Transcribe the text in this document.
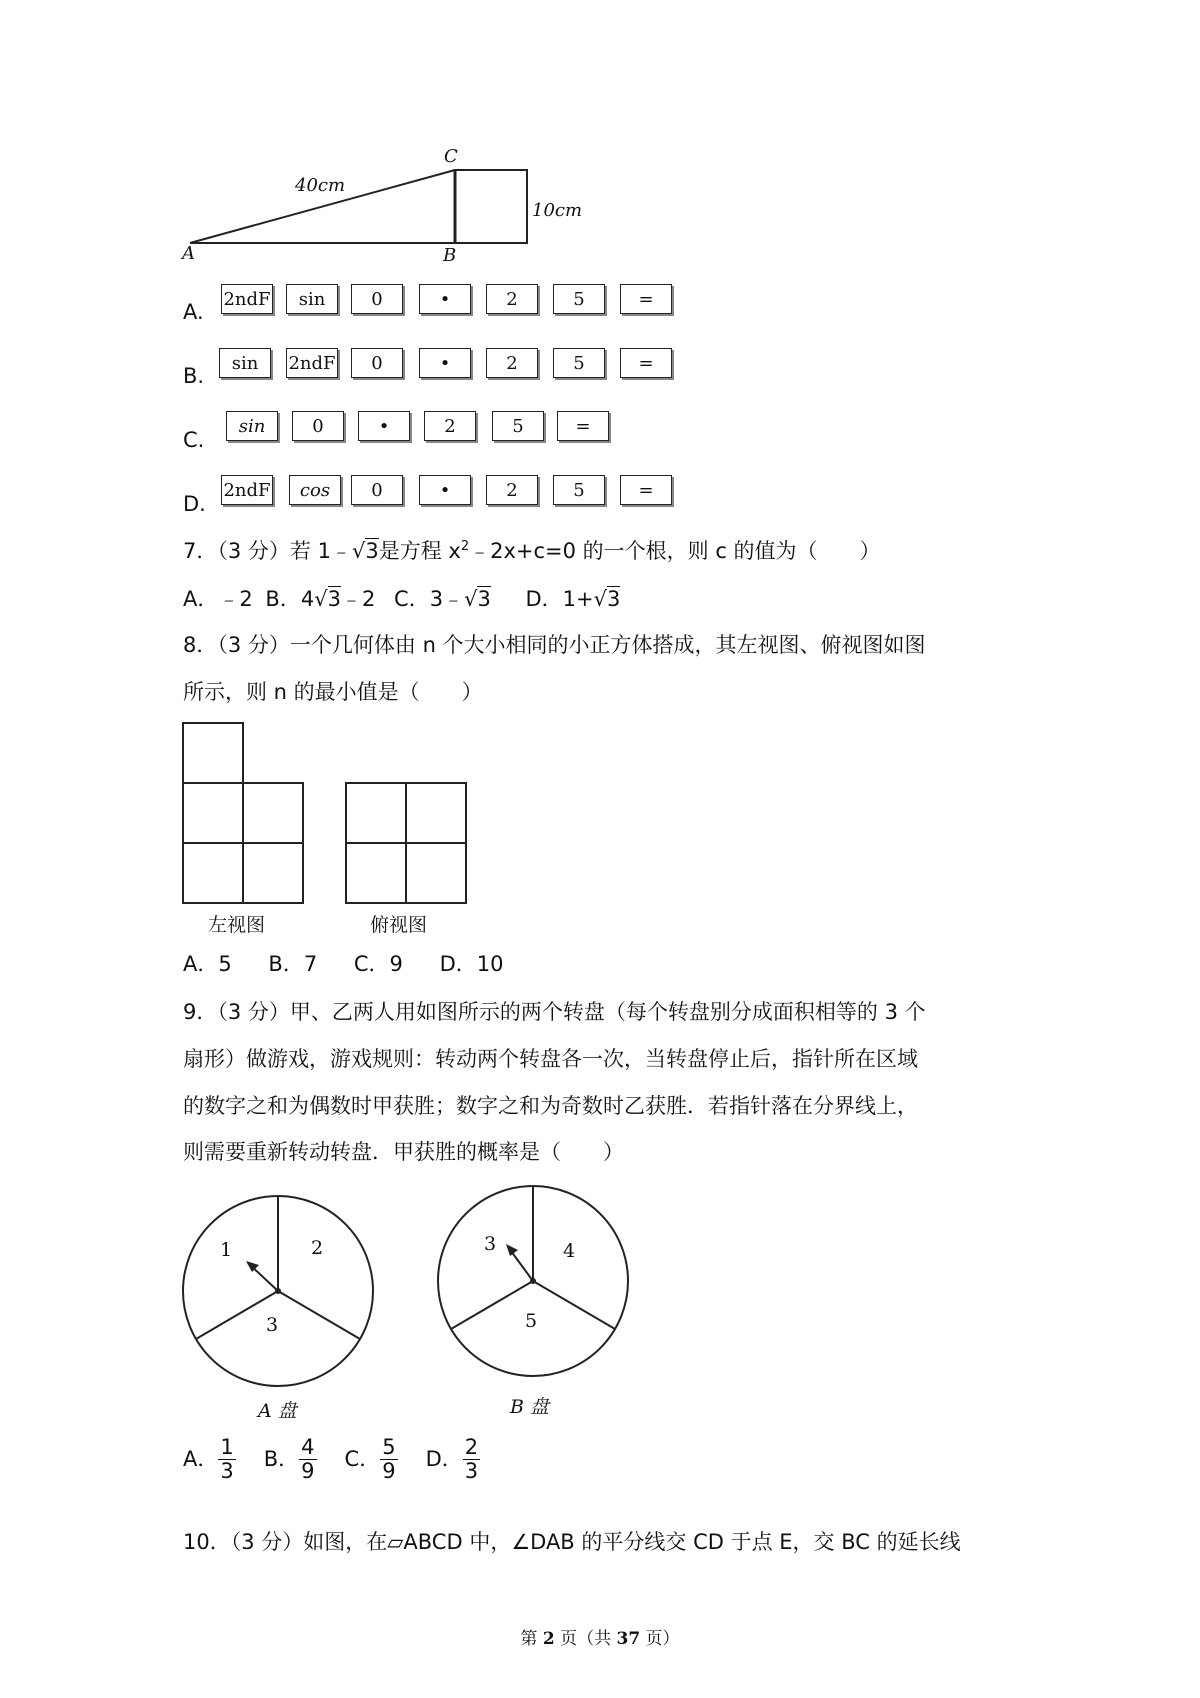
40cm
10cm
A	B
C
A.
2ndF	sin	0	•	2	5	=
B.
sin	2ndF	0	•	2	5	=
C.
sin	0	•	2	5	=
D.
2ndF	cos	0	•	2	5	=
7．（3 分）若 1﹣√3是方程 $x^2﹣2x+c=0$ 的一个根，则 c 的值为（　　）
A．﹣2 B．4√3﹣2 C．3﹣√3 D．1+√3
8．（3 分）一个几何体由 n 个大小相同的小正方体搭成，其左视图、俯视图如图
所示，则 n 的最小值是（　　）
左视图	俯视图
A．5 B．7 C．9 D．10
9．（3 分）甲、乙两人用如图所示的两个转盘（每个转盘别分成面积相等的 3 个
扇形）做游戏，游戏规则：转动两个转盘各一次，当转盘停止后，指针所在区域
的数字之和为偶数时甲获胜；数字之和为奇数时乙获胜．若指针落在分界线上，
则需要重新转动转盘．甲获胜的概率是（　　）
1	2
3
A 盘
3	4
5
B 盘
A． $\frac{1}{3}$ B． $\frac{4}{9}$ C． $\frac{5}{9}$ D． $\frac{2}{3}$
10．（3 分）如图，在▱ABCD 中，∠DAB 的平分线交 CD 于点 E，交 BC 的延长线
第 2 页（共 37 页）
